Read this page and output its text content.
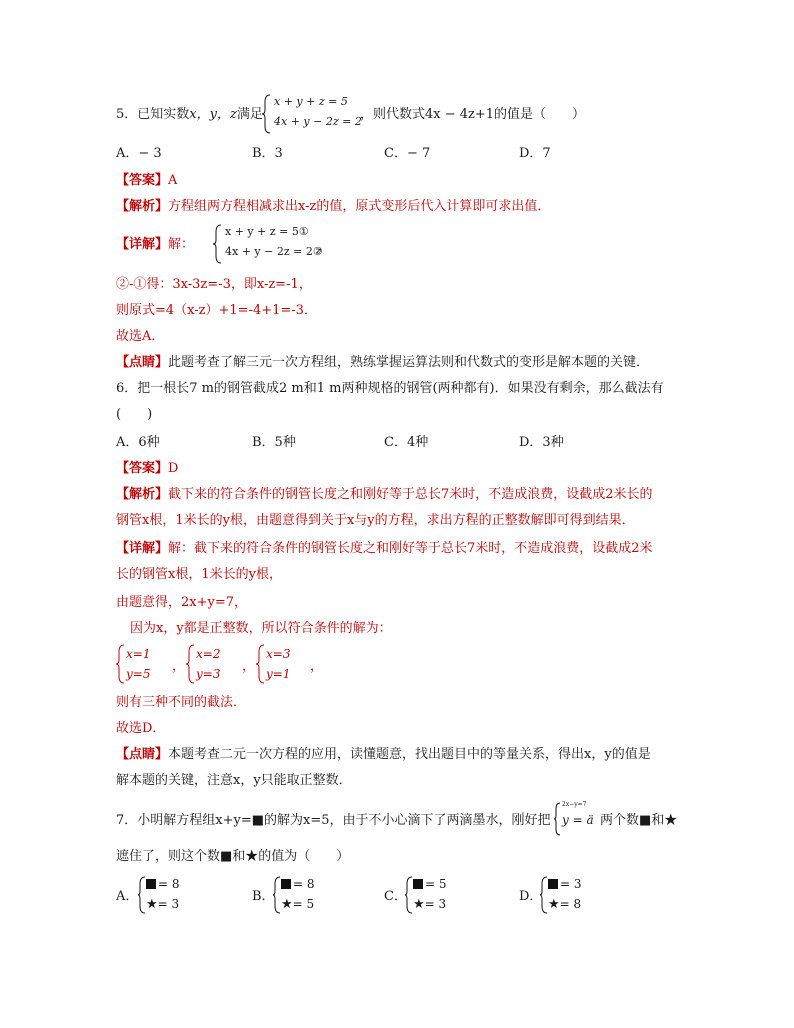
5．已知实数x，y，z满足
x + y + z = 5
4x + y − 2z = 2
，则代数式4x − 4z+1的值是（　　）
A．− 3	B．3	C．− 7	D．7
【答案】A
【解析】方程组两方程相减求出x-z的值，原式变形后代入计算即可求出值．
【详解】解：
x + y + z = 5①
4x + y − 2z = 2②
，
②-①得：3x-3z=-3，即x-z=-1，
则原式=4（x-z）+1=-4+1=-3．
故选A．
【点睛】此题考查了解三元一次方程组，熟练掌握运算法则和代数式的变形是解本题的关键．
6．把一根长7 m的钢管截成2 m和1 m两种规格的钢管(两种都有)．如果没有剩余，那么截法有
(　　)
A．6种	B．5种	C．4种	D．3种
【答案】D
【解析】截下来的符合条件的钢管长度之和刚好等于总长7米时，不造成浪费，设截成2米长的
钢管x根，1米长的y根，由题意得到关于x与y的方程，求出方程的正整数解即可得到结果．
【详解】解：截下来的符合条件的钢管长度之和刚好等于总长7米时，不造成浪费，设截成2米
长的钢管x根，1米长的y根，
由题意得，2x+y=7，
因为x，y都是正整数，所以符合条件的解为：
x=1
y=5 ，
x=2
y=3 ，
x=3
y=1 ，
则有三种不同的截法．
故选D．
【点睛】本题考查二元一次方程的应用，读懂题意，找出题目中的等量关系，得出x，y的值是
解本题的关键，注意x，y只能取正整数．
7．小明解方程组x+y=■的解为x=5，由于不小心滴下了两滴墨水，刚好把
2x−y=7
y = ä 两个数■和★
遮住了，则这个数■和★的值为（　　）
A．
= 8
★= 3	B．
= 8
★= 5	C．
= 5
★= 3	D．
= 3
★= 8
